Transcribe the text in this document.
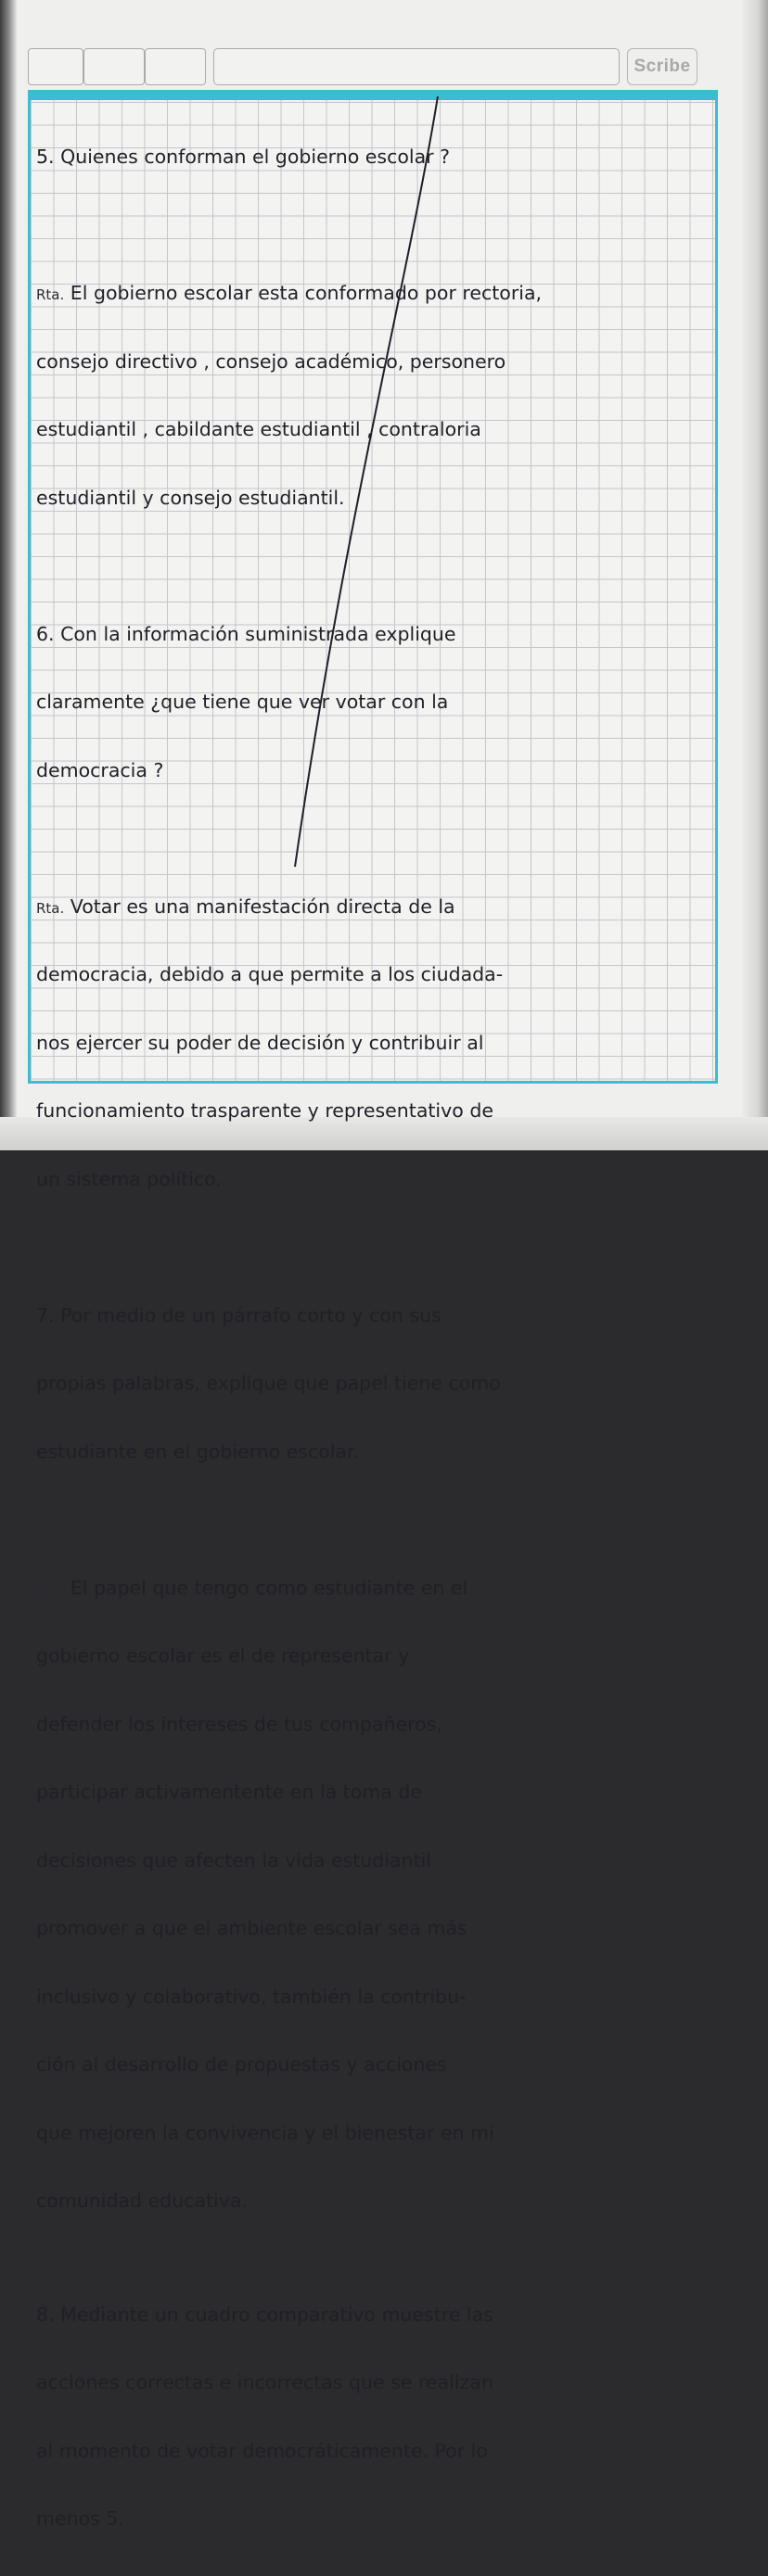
Scribe

5. Quienes conforman el gobierno escolar ?

Rta. El gobierno escolar esta conformado por rectoria,

consejo directivo , consejo académico, personero

estudiantil , cabildante estudiantil , contraloria

estudiantil y consejo estudiantil.

6. Con la información suministrada explique

claramente ¿que tiene que ver votar con la

democracia ?

Rta. Votar es una manifestación directa de la

democracia, debido a que permite a los ciudada-

nos ejercer su poder de decisión y contribuir al

funcionamiento trasparente y representativo de

un sistema político.

7. Por medio de un párrafo corto y con sus

propias palabras, explique que papel tiene como

estudiante en el gobierno escolar.

Rta. El papel que tengo como estudiante en el

gobierno escolar es el de representar y

defender los intereses de tus compañeros,

participar activamentente en la toma de

decisiones que afecten la vida estudiantil

promover a que el ambiente escolar sea más

inclusivo y colaborativo, también la contribu-

ción al desarrollo de propuestas y acciones

que mejoren la convivencia y el bienestar en mi

comunidad educativa.

8. Mediante un cuadro comparativo muestre las

acciones correctas e incorrectas que se realizan

al momento de votar democráticamente. Por lo

menos 5.
